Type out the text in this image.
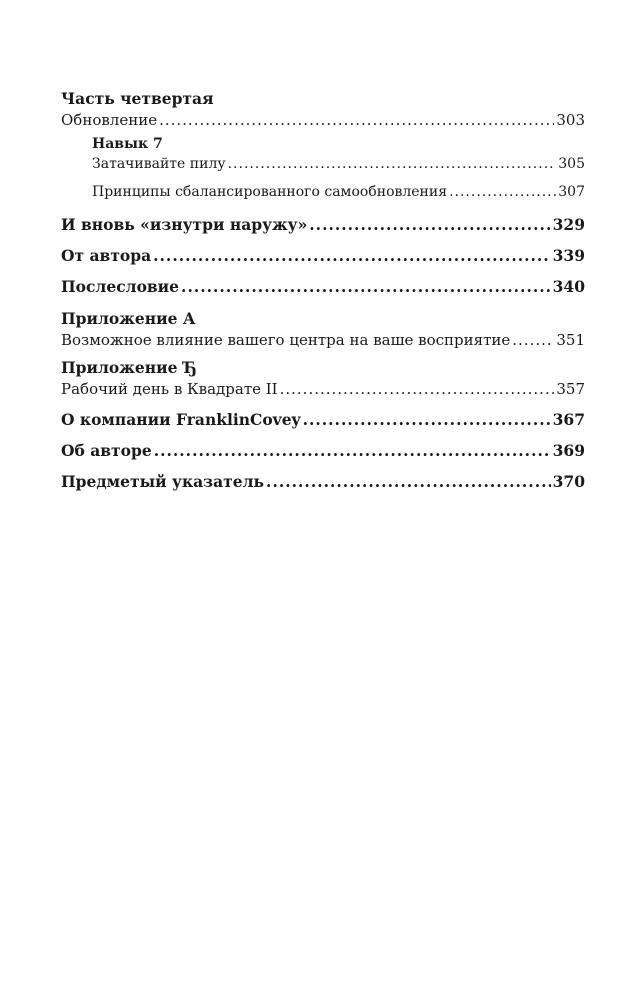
Часть четвертая
Обновление .....	303
Навык 7
Затачивайте пилу .....	305
Принципы сбалансированного самообновления .....	307
И вновь «изнутри наружу» .....	329
От автора .....	339
Послесловие .....	340
Приложение А
Возможное влияние вашего центра на ваше восприятие .....	351
Приложение Ђ
Рабочий день в Квадрате II .....	357
О компании FranklinCovey .....	367
Об авторе .....	369
Предметый указатель .....	370
